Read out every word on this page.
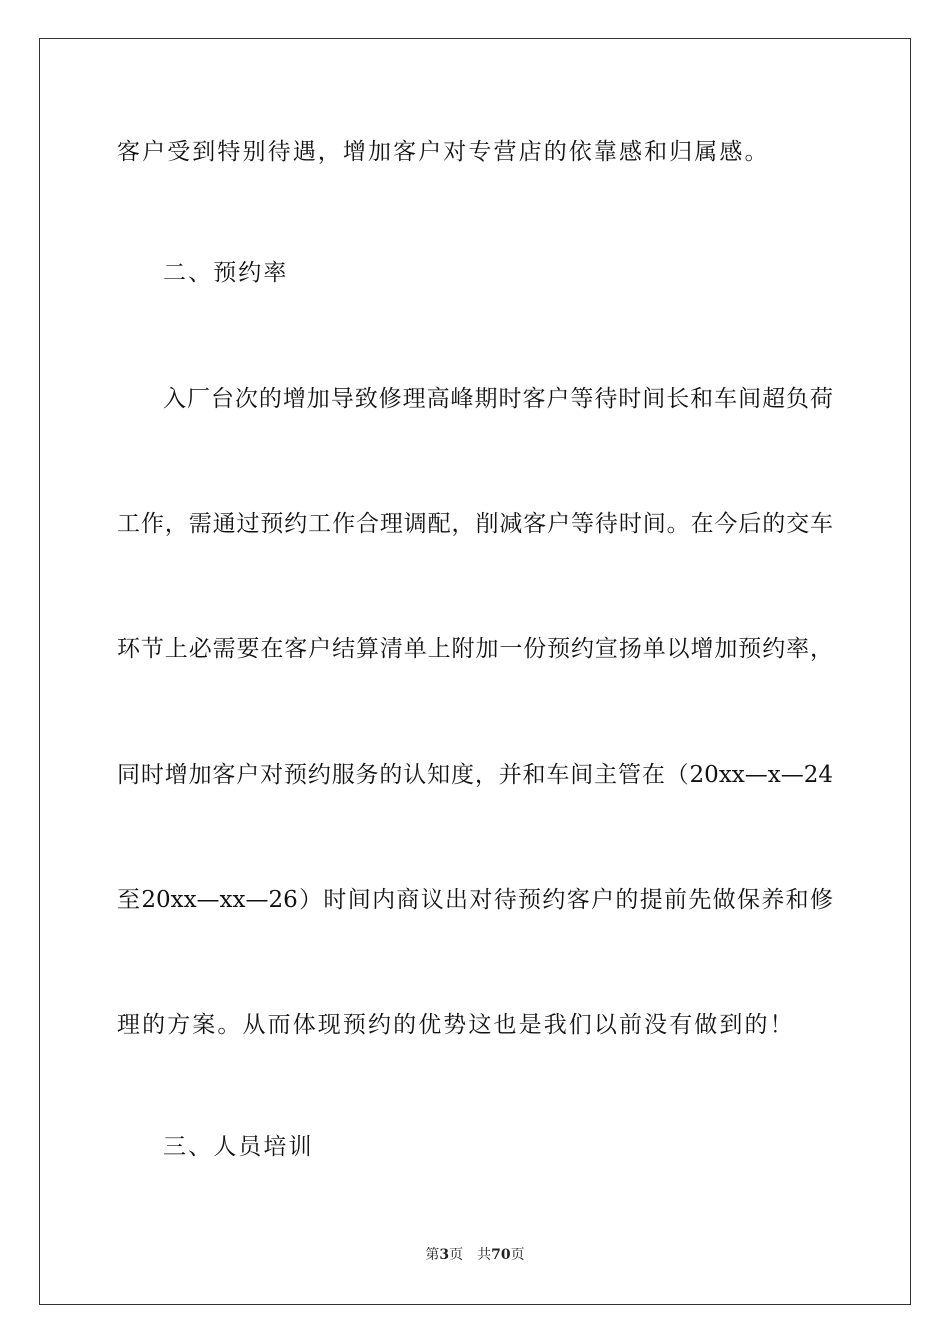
客户受到特别待遇，增加客户对专营店的依靠感和归属感。
二、预约率
入厂台次的增加导致修理高峰期时客户等待时间长和车间超负荷
工作，需通过预约工作合理调配，削减客户等待时间。在今后的交车
环节上必需要在客户结算清单上附加一份预约宣扬单以增加预约率，
同时增加客户对预约服务的认知度，并和车间主管在（20xx—x—24
至20xx—xx—26）时间内商议出对待预约客户的提前先做保养和修
理的方案。从而体现预约的优势这也是我们以前没有做到的！
三、人员培训
第3页 共70页
